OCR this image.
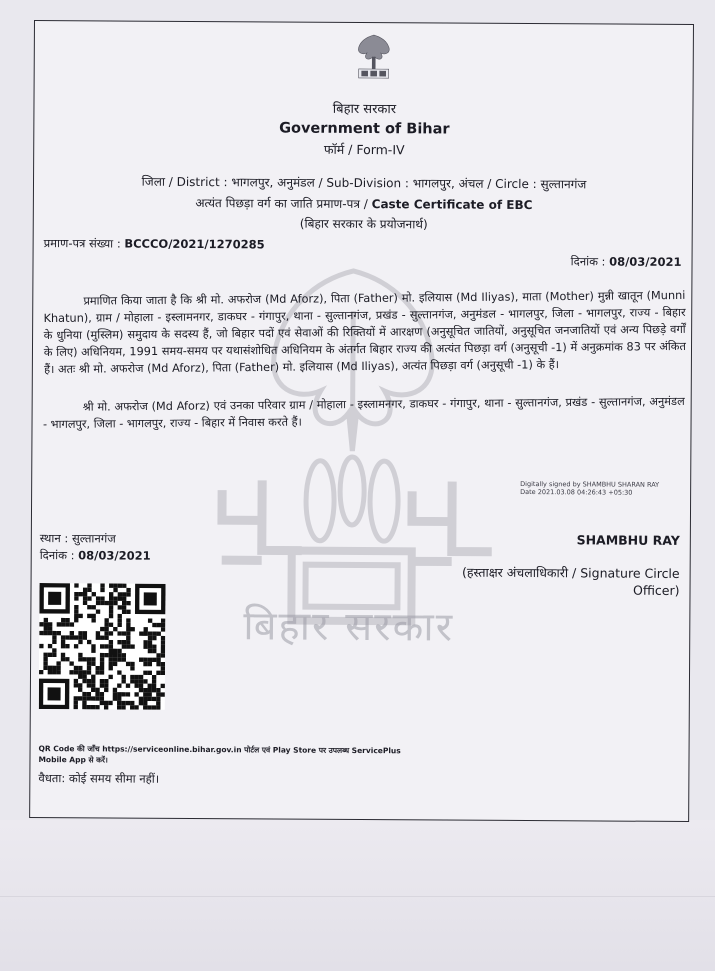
बिहार सरकार
Government of Bihar
फॉर्म / Form-IV
जिला / District : भागलपुर, अनुमंडल / Sub-Division : भागलपुर, अंचल / Circle : सुल्तानगंज
अत्यंत पिछड़ा वर्ग का जाति प्रमाण-पत्र / Caste Certificate of EBC
(बिहार सरकार के प्रयोजनार्थ)
प्रमाण-पत्र संख्या : BCCCO/2021/1270285
दिनांक : 08/03/2021
बिहार सरकार
प्रमाणित किया जाता है कि श्री मो. अफरोज (Md Aforz), पिता (Father) मो. इलियास (Md Iliyas), माता (Mother) मुन्नी खातून (Munni Khatun), ग्राम / मोहाला - इस्लामनगर, डाकघर - गंगापुर, थाना - सुल्तानगंज, प्रखंड - सुल्तानगंज, अनुमंडल - भागलपुर, जिला - भागलपुर, राज्य - बिहार के धुनिया (मुस्लिम) समुदाय के सदस्य हैं, जो बिहार पदों एवं सेवाओं की रिक्तियों में आरक्षण (अनुसूचित जातियों, अनुसूचित जनजातियों एवं अन्य पिछड़े वर्गों के लिए) अधिनियम, 1991 समय-समय पर यथासंशोधित अधिनियम के अंतर्गत बिहार राज्य की अत्यंत पिछड़ा वर्ग (अनुसूची -1) में अनुक्रमांक 83 पर अंकित हैं। अतः श्री मो. अफरोज (Md Aforz), पिता (Father) मो. इलियास (Md Iliyas), अत्यंत पिछड़ा वर्ग (अनुसूची -1) के हैं।
श्री मो. अफरोज (Md Aforz) एवं उनका परिवार ग्राम / मोहाला - इस्लामनगर, डाकघर - गंगापुर, थाना - सुल्तानगंज, प्रखंड - सुल्तानगंज, अनुमंडल - भागलपुर, जिला - भागलपुर, राज्य - बिहार में निवास करते हैं।
Digitally signed by SHAMBHU SHARAN RAY
Date 2021.03.08 04:26:43 +05:30
SHAMBHU RAY
(हस्ताक्षर अंचलाधिकारी / Signature Circle Officer)
स्थान : सुल्तानगंज
दिनांक : 08/03/2021
QR Code की जाँच https://serviceonline.bihar.gov.in पोर्टल एवं Play Store पर उपलब्ध ServicePlus Mobile App से करें।
वैधता: कोई समय सीमा नहीं।
